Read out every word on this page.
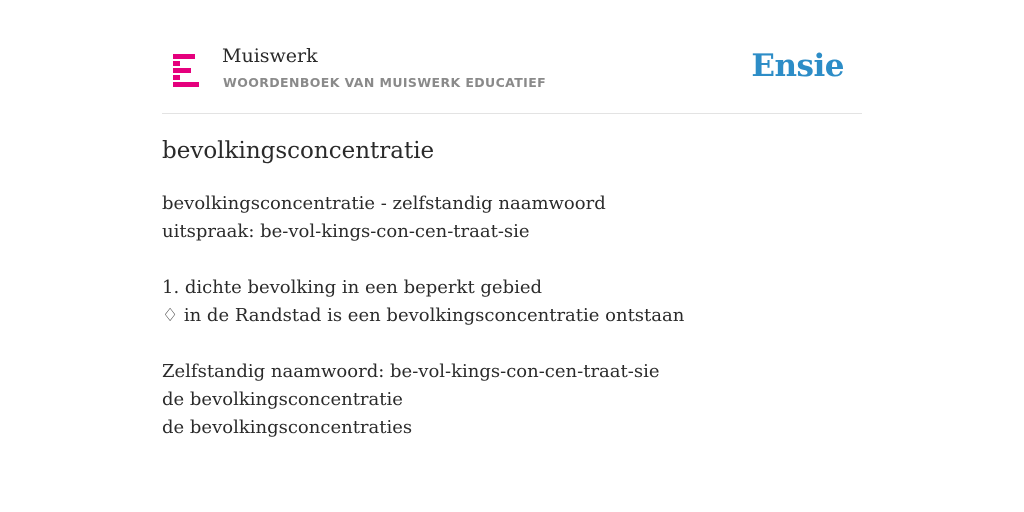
Muiswerk
WOORDENBOEK VAN MUISWERK EDUCATIEF	Ensie
bevolkingsconcentratie
bevolkingsconcentratie - zelfstandig naamwoord
uitspraak: be-vol-kings-con-cen-traat-sie
1. dichte bevolking in een beperkt gebied
♢ in de Randstad is een bevolkingsconcentratie ontstaan
Zelfstandig naamwoord: be-vol-kings-con-cen-traat-sie
de bevolkingsconcentratie
de bevolkingsconcentraties
